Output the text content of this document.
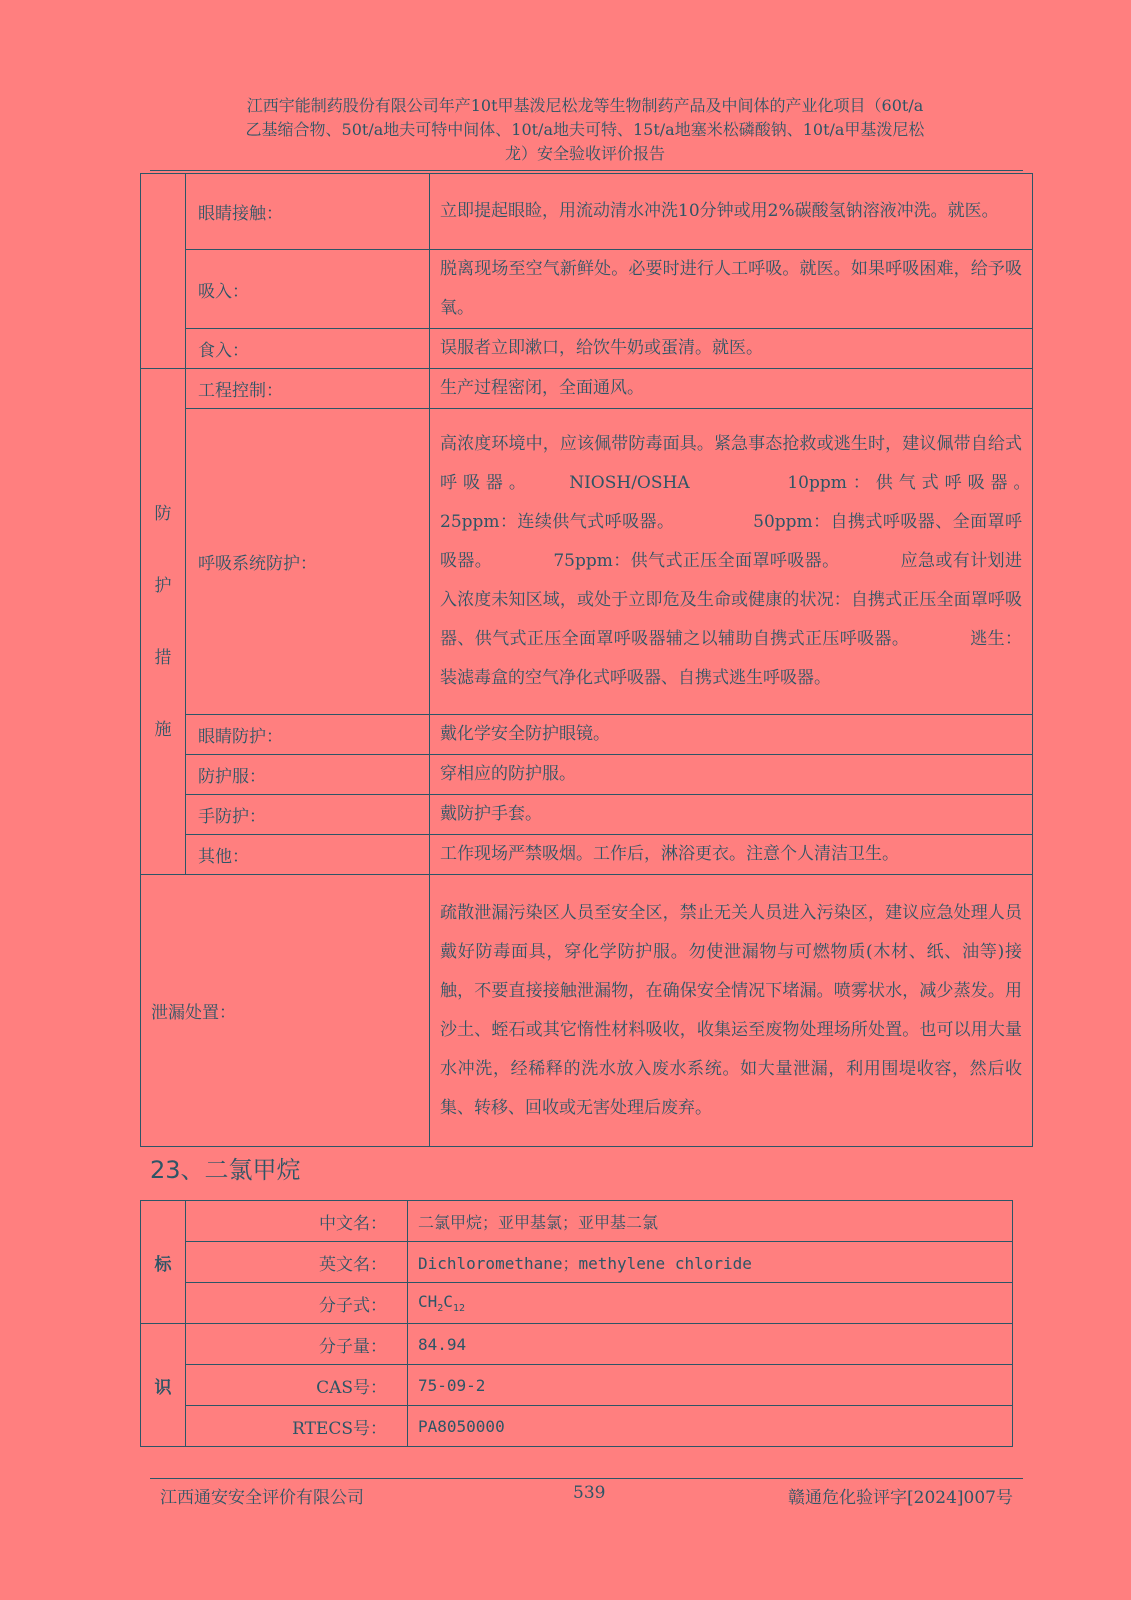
江西宇能制药股份有限公司年产10t甲基泼尼松龙等生物制药产品及中间体的产业化项目（60t/a
乙基缩合物、50t/a地夫可特中间体、10t/a地夫可特、15t/a地塞米松磷酸钠、10t/a甲基泼尼松
龙）安全验收评价报告
	眼睛接触：	立即提起眼睑，用流动清水冲洗10分钟或用2%碳酸氢钠溶液冲洗。就医。
	吸入：	脱离现场至空气新鲜处。必要时进行人工呼吸。就医。如果呼吸困难，给予吸氧。
	食入：	误服者立即漱口，给饮牛奶或蛋清。就医。
防
护
措
施	工程控制：	生产过程密闭，全面通风。
	呼吸系统防护：	高浓度环境中，应该佩带防毒面具。紧急事态抢救或逃生时，建议佩带自给式呼吸器。　　NIOSH/OSHA　　　　10ppm：供气式呼吸器。　　　　25ppm：连续供气式呼吸器。　　　　　50ppm：自携式呼吸器、全面罩呼吸器。　　　　75ppm：供气式正压全面罩呼吸器。　　　　应急或有计划进入浓度未知区域，或处于立即危及生命或健康的状况：自携式正压全面罩呼吸器、供气式正压全面罩呼吸器辅之以辅助自携式正压呼吸器。　　　　逃生：装滤毒盒的空气净化式呼吸器、自携式逃生呼吸器。
	眼睛防护：	戴化学安全防护眼镜。
	防护服：	穿相应的防护服。
	手防护：	戴防护手套。
	其他：	工作现场严禁吸烟。工作后，淋浴更衣。注意个人清洁卫生。
泄漏处置：		疏散泄漏污染区人员至安全区，禁止无关人员进入污染区，建议应急处理人员戴好防毒面具，穿化学防护服。勿使泄漏物与可燃物质(木材、纸、油等)接触，不要直接接触泄漏物，在确保安全情况下堵漏。喷雾状水，减少蒸发。用沙土、蛭石或其它惰性材料吸收，收集运至废物处理场所处置。也可以用大量水冲洗，经稀释的洗水放入废水系统。如大量泄漏，利用围堤收容，然后收集、转移、回收或无害处理后废弃。
23、二氯甲烷
标	中文名：	二氯甲烷；亚甲基氯；亚甲基二氯
	英文名：	Dichloromethane；methylene chloride
	分子式：	$CH_2C_{12}$
识	分子量：	84.94
	CAS号：	75-09-2
	RTECS号：	PA8050000
江西通安安全评价有限公司	539	赣通危化验评字[2024]007号
